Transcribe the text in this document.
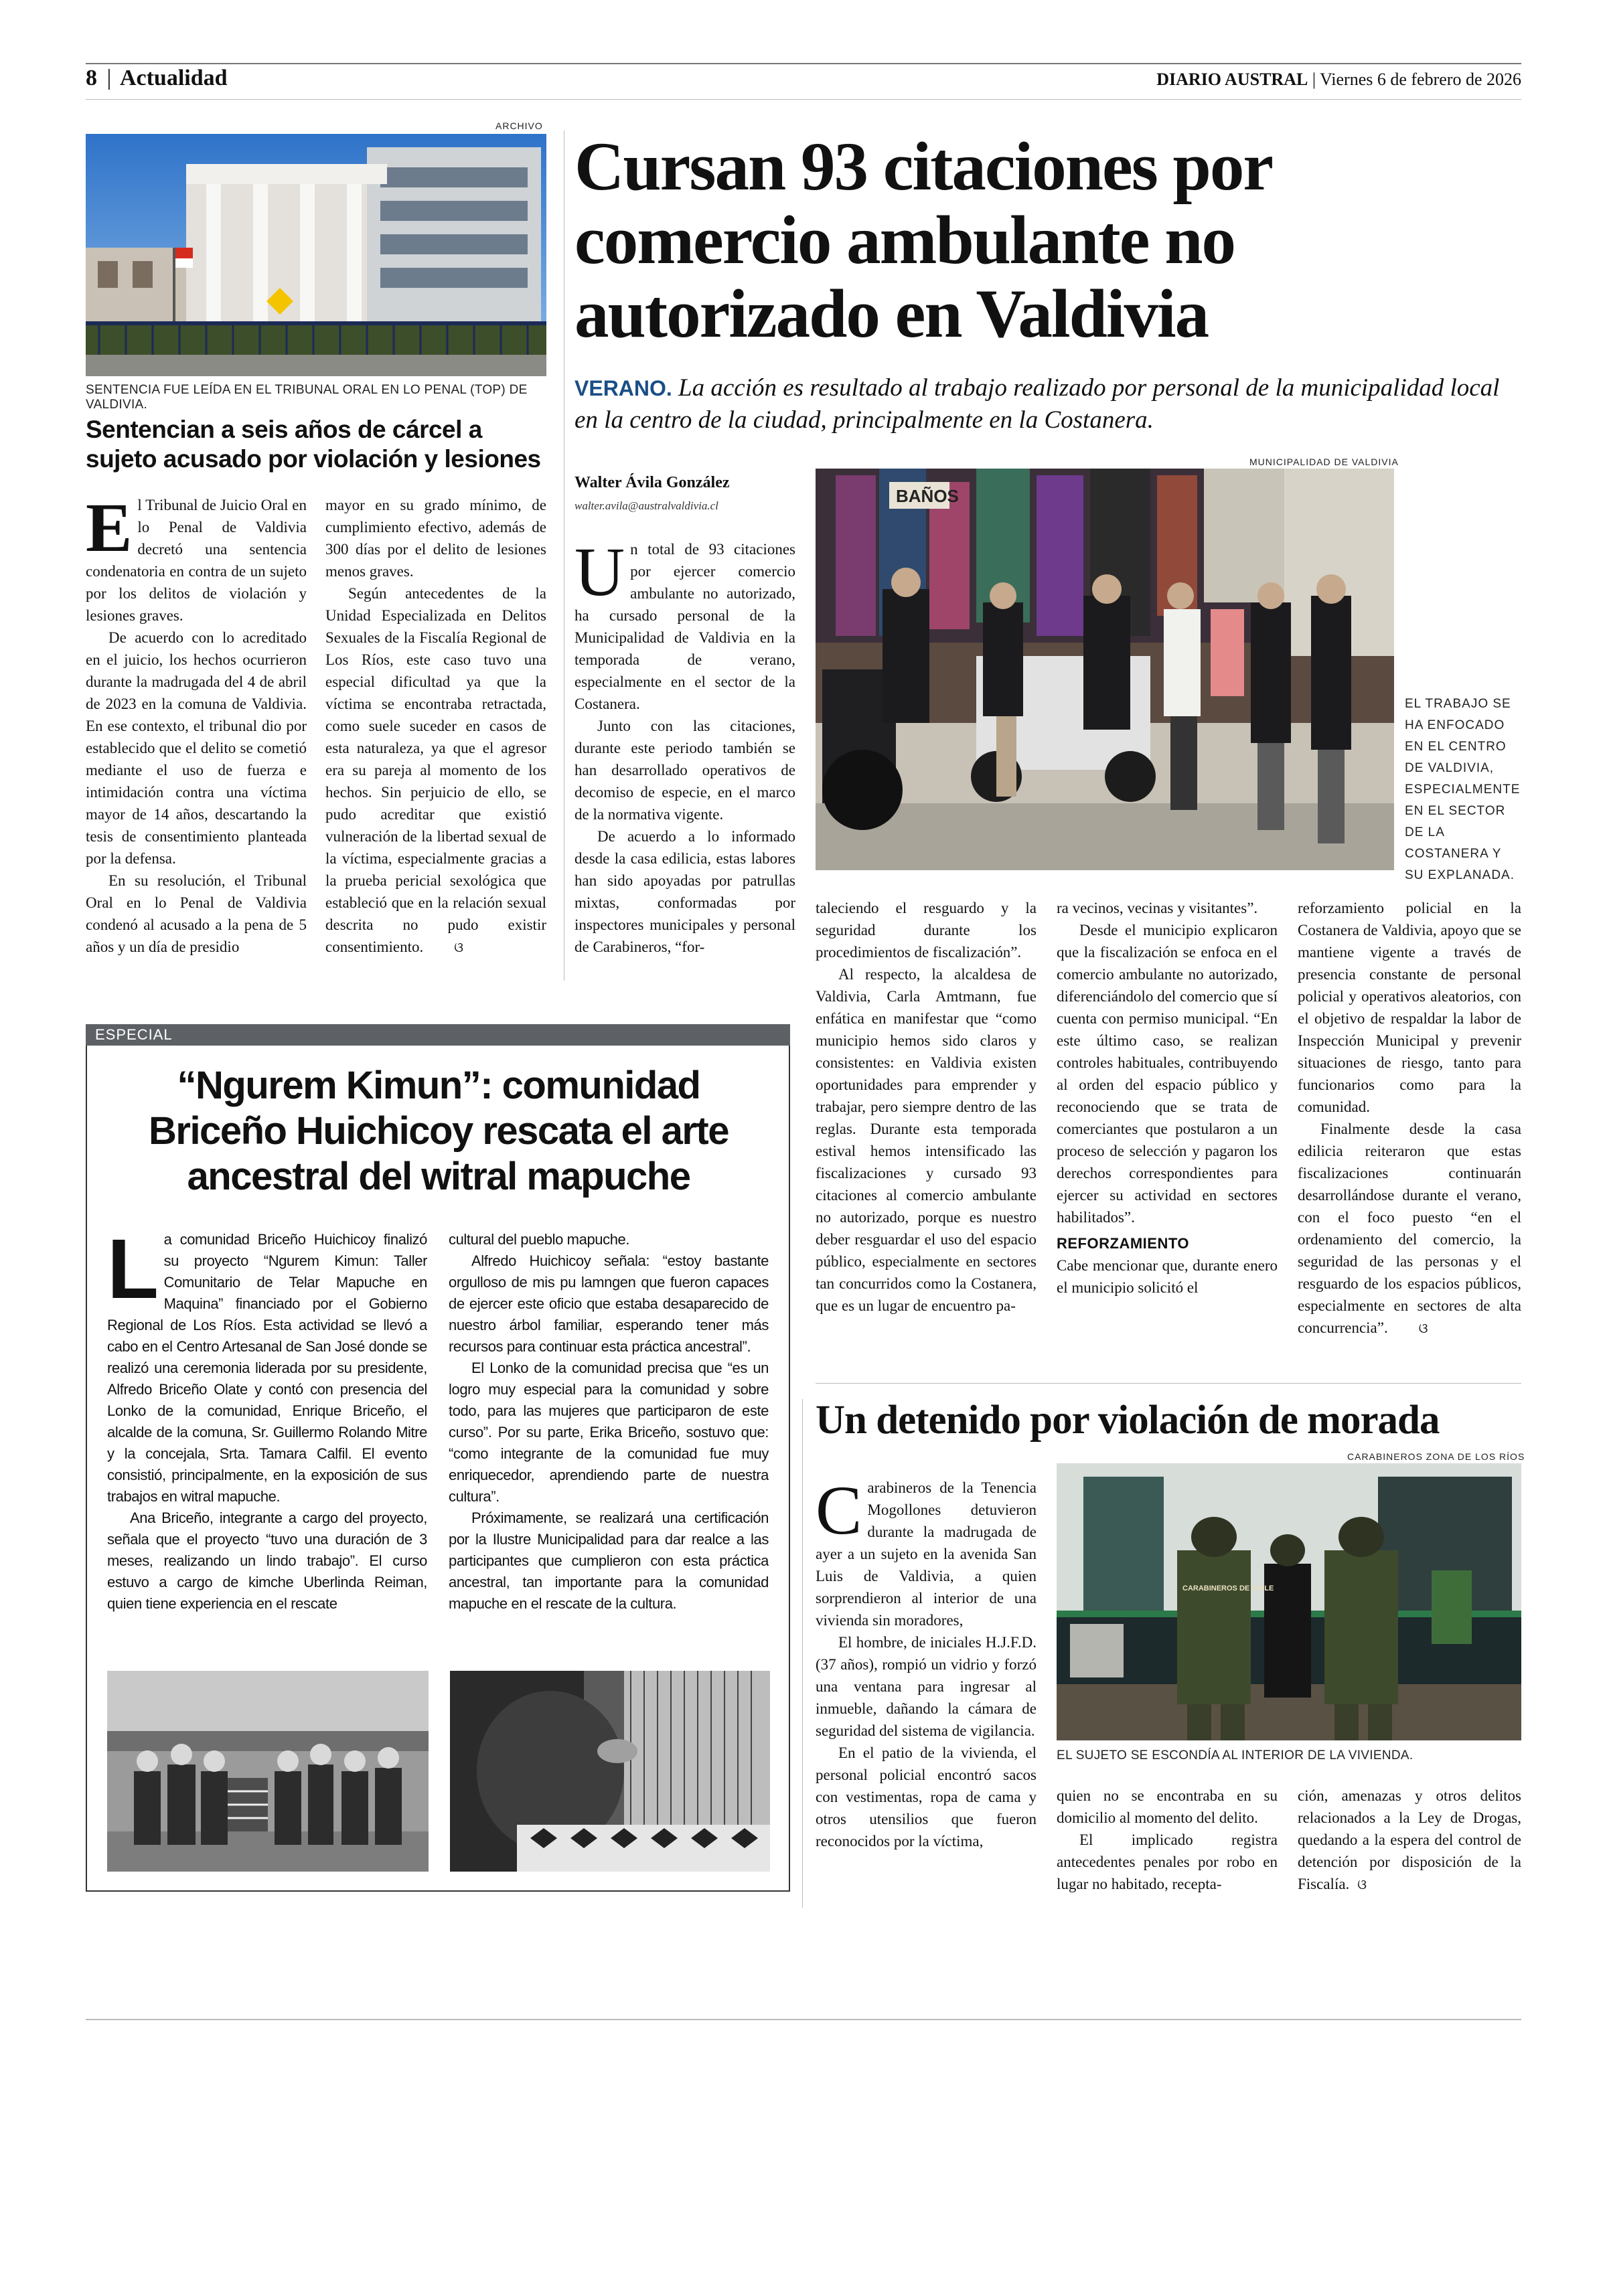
8 | Actualidad	DIARIO AUSTRAL | Viernes 6 de febrero de 2026
ARCHIVO
SENTENCIA FUE LEÍDA EN EL TRIBUNAL ORAL EN LO PENAL (TOP) DE VALDIVIA.
Sentencian a seis años de cárcel a sujeto acusado por violación y lesiones
E l Tribunal de Juicio Oral en lo Penal de Valdivia decretó una sentencia condenatoria en contra de un sujeto por los delitos de violación y lesiones graves.

De acuerdo con lo acreditado en el juicio, los hechos ocurrieron durante la madrugada del 4 de abril de 2023 en la comuna de Valdivia. En ese contexto, el tribunal dio por establecido que el delito se cometió mediante el uso de fuerza e intimidación contra una víctima mayor de 14 años, descartando la tesis de consentimiento planteada por la defensa.

En su resolución, el Tribunal Oral en lo Penal de Valdivia condenó al acusado a la pena de 5 años y un día de presidio

mayor en su grado mínimo, de cumplimiento efectivo, además de 300 días por el delito de lesiones menos graves.

Según antecedentes de la Unidad Especializada en Delitos Sexuales de la Fiscalía Regional de Los Ríos, este caso tuvo una especial dificultad ya que la víctima se encontraba retractada, como suele suceder en casos de esta naturaleza, ya que el agresor era su pareja al momento de los hechos. Sin perjuicio de ello, se pudo acreditar que existió vulneración de la libertad sexual de la víctima, especialmente gracias a la prueba pericial sexológica que estableció que en la relación sexual descrita no pudo existir consentimiento. ଓ

Cursan 93 citaciones por comercio ambulante no autorizado en Valdivia
VERANO. La acción es resultado al trabajo realizado por personal de la municipalidad local en la centro de la ciudad, principalmente en la Costanera.
Walter Ávila González
walter.avila@australvaldivia.cl
MUNICIPALIDAD DE VALDIVIA
BAÑOS
EL TRABAJO SE HA ENFOCADO EN EL CENTRO DE VALDIVIA, ESPECIALMENTE EN EL SECTOR DE LA COSTANERA Y SU EXPLANADA.
U n total de 93 citaciones por ejercer comercio ambulante no autorizado, ha cursado personal de la Municipalidad de Valdivia en la temporada de verano, especialmente en el sector de la Costanera.

Junto con las citaciones, durante este periodo también se han desarrollado operativos de decomiso de especie, en el marco de la normativa vigente.

De acuerdo a lo informado desde la casa edilicia, estas labores han sido apoyadas por patrullas mixtas, conformadas por inspectores municipales y personal de Carabineros, “for-

taleciendo el resguardo y la seguridad durante los procedimientos de fiscalización”.

Al respecto, la alcaldesa de Valdivia, Carla Amtmann, fue enfática en manifestar que “como municipio hemos sido claros y consistentes: en Valdivia existen oportunidades para emprender y trabajar, pero siempre dentro de las reglas. Durante esta temporada estival hemos intensificado las fiscalizaciones y cursado 93 citaciones al comercio ambulante no autorizado, porque es nuestro deber resguardar el uso del espacio público, especialmente en sectores tan concurridos como la Costanera, que es un lugar de encuentro pa-

ra vecinos, vecinas y visitantes”.

Desde el municipio explicaron que la fiscalización se enfoca en el comercio ambulante no autorizado, diferenciándolo del comercio que sí cuenta con permiso municipal. “En este último caso, se realizan controles habituales, contribuyendo al orden del espacio público y reconociendo que se trata de comerciantes que postularon a un proceso de selección y pagaron los derechos correspondientes para ejercer su actividad en sectores habilitados”.

REFORZAMIENTO

Cabe mencionar que, durante enero el municipio solicitó el

reforzamiento policial en la Costanera de Valdivia, apoyo que se mantiene vigente a través de presencia constante de personal policial y operativos aleatorios, con el objetivo de respaldar la labor de Inspección Municipal y prevenir situaciones de riesgo, tanto para funcionarios como para la comunidad.

Finalmente desde la casa edilicia reiteraron que estas fiscalizaciones continuarán desarrollándose durante el verano, con el foco puesto “en el ordenamiento del comercio, la seguridad de las personas y el resguardo de los espacios públicos, especialmente en sectores de alta concurrencia”. ଓ

ESPECIAL
“Ngurem Kimun”: comunidad Briceño Huichicoy rescata el arte ancestral del witral mapuche
L a comunidad Briceño Huichicoy finalizó su proyecto “Ngurem Kimun: Taller Comunitario de Telar Mapuche en Maquina” financiado por el Gobierno Regional de Los Ríos. Esta actividad se llevó a cabo en el Centro Artesanal de San José donde se realizó una ceremonia liderada por su presidente, Alfredo Briceño Olate y contó con presencia del Lonko de la comunidad, Enrique Briceño, el alcalde de la comuna, Sr. Guillermo Rolando Mitre y la concejala, Srta. Tamara Calfil. El evento consistió, principalmente, en la exposición de sus trabajos en witral mapuche.

Ana Briceño, integrante a cargo del proyecto, señala que el proyecto “tuvo una duración de 3 meses, realizando un lindo trabajo”. El curso estuvo a cargo de kimche Uberlinda Reiman, quien tiene experiencia en el rescate

cultural del pueblo mapuche.

Alfredo Huichicoy señala: “estoy bastante orgulloso de mis pu lamngen que fueron capaces de ejercer este oficio que estaba desaparecido de nuestro árbol familiar, esperando tener más recursos para continuar esta práctica ancestral”.

El Lonko de la comunidad precisa que “es un logro muy especial para la comunidad y sobre todo, para las mujeres que participaron de este curso”. Por su parte, Erika Briceño, sostuvo que: “como integrante de la comunidad fue muy enriquecedor, aprendiendo parte de nuestra cultura”.

Próximamente, se realizará una certificación por la Ilustre Municipalidad para dar realce a las participantes que cumplieron con esta práctica ancestral, tan importante para la comunidad mapuche en el rescate de la cultura.

Un detenido por violación de morada
C arabineros de la Tenencia Mogollones detuvieron durante la madrugada de ayer a un sujeto en la avenida San Luis de Valdivia, a quien sorprendieron al interior de una vivienda sin moradores,

El hombre, de iniciales H.J.F.D. (37 años), rompió un vidrio y forzó una ventana para ingresar al inmueble, dañando la cámara de seguridad del sistema de vigilancia.

En el patio de la vivienda, el personal policial encontró sacos con vestimentas, ropa de cama y otros utensilios que fueron reconocidos por la víctima,

CARABINEROS ZONA DE LOS RÍOS
CARABINEROS DE CHILE
EL SUJETO SE ESCONDÍA AL INTERIOR DE LA VIVIENDA.

quien no se encontraba en su domicilio al momento del delito.

El implicado registra antecedentes penales por robo en lugar no habitado, recepta-

ción, amenazas y otros delitos relacionados a la Ley de Drogas, quedando a la espera del control de detención por disposición de la Fiscalía. ଓ
